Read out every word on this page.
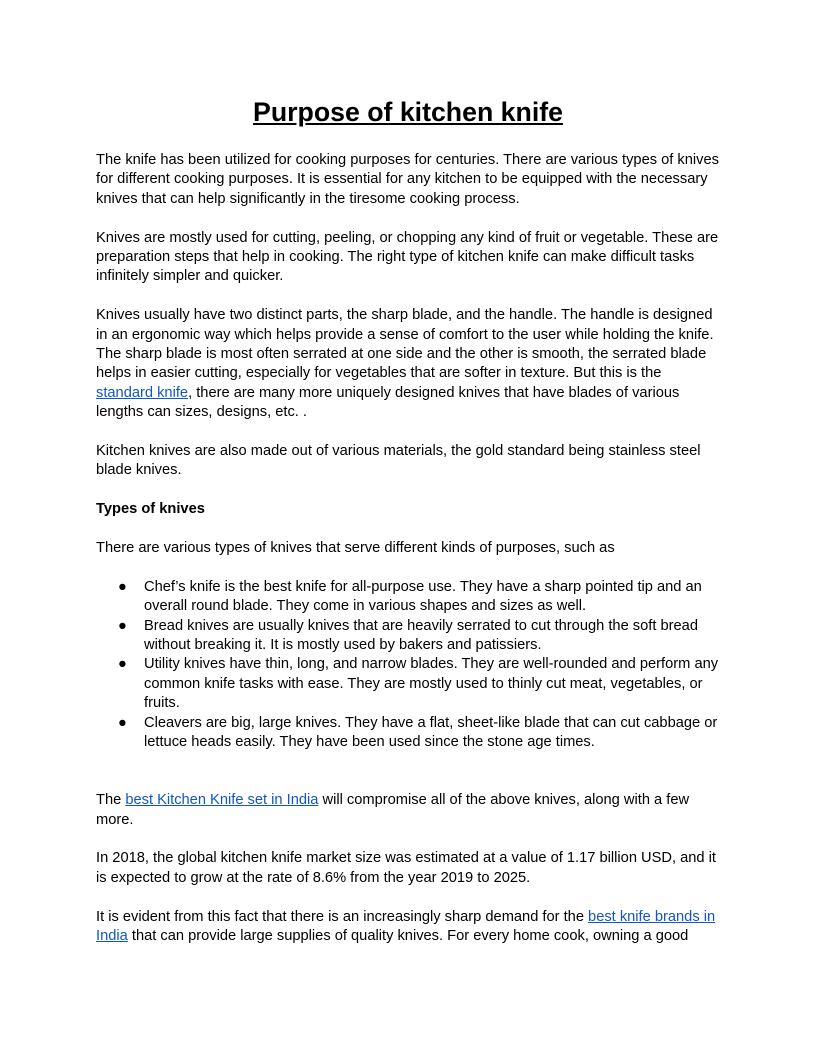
Purpose of kitchen knife

The knife has been utilized for cooking purposes for centuries. There are various types of knives for different cooking purposes. It is essential for any kitchen to be equipped with the necessary knives that can help significantly in the tiresome cooking process.

Knives are mostly used for cutting, peeling, or chopping any kind of fruit or vegetable. These are preparation steps that help in cooking. The right type of kitchen knife can make difficult tasks infinitely simpler and quicker.

Knives usually have two distinct parts, the sharp blade, and the handle. The handle is designed in an ergonomic way which helps provide a sense of comfort to the user while holding the knife. The sharp blade is most often serrated at one side and the other is smooth, the serrated blade helps in easier cutting, especially for vegetables that are softer in texture. But this is the standard knife, there are many more uniquely designed knives that have blades of various lengths can sizes, designs, etc. .

Kitchen knives are also made out of various materials, the gold standard being stainless steel blade knives.

Types of knives

There are various types of knives that serve different kinds of purposes, such as

● Chef’s knife is the best knife for all-purpose use. They have a sharp pointed tip and an overall round blade. They come in various shapes and sizes as well.
● Bread knives are usually knives that are heavily serrated to cut through the soft bread without breaking it. It is mostly used by bakers and patissiers.
● Utility knives have thin, long, and narrow blades. They are well-rounded and perform any common knife tasks with ease. They are mostly used to thinly cut meat, vegetables, or fruits.
● Cleavers are big, large knives. They have a flat, sheet-like blade that can cut cabbage or lettuce heads easily. They have been used since the stone age times.

The best Kitchen Knife set in India will compromise all of the above knives, along with a few more.

In 2018, the global kitchen knife market size was estimated at a value of 1.17 billion USD, and it is expected to grow at the rate of 8.6% from the year 2019 to 2025.

It is evident from this fact that there is an increasingly sharp demand for the best knife brands in India that can provide large supplies of quality knives. For every home cook, owning a good
